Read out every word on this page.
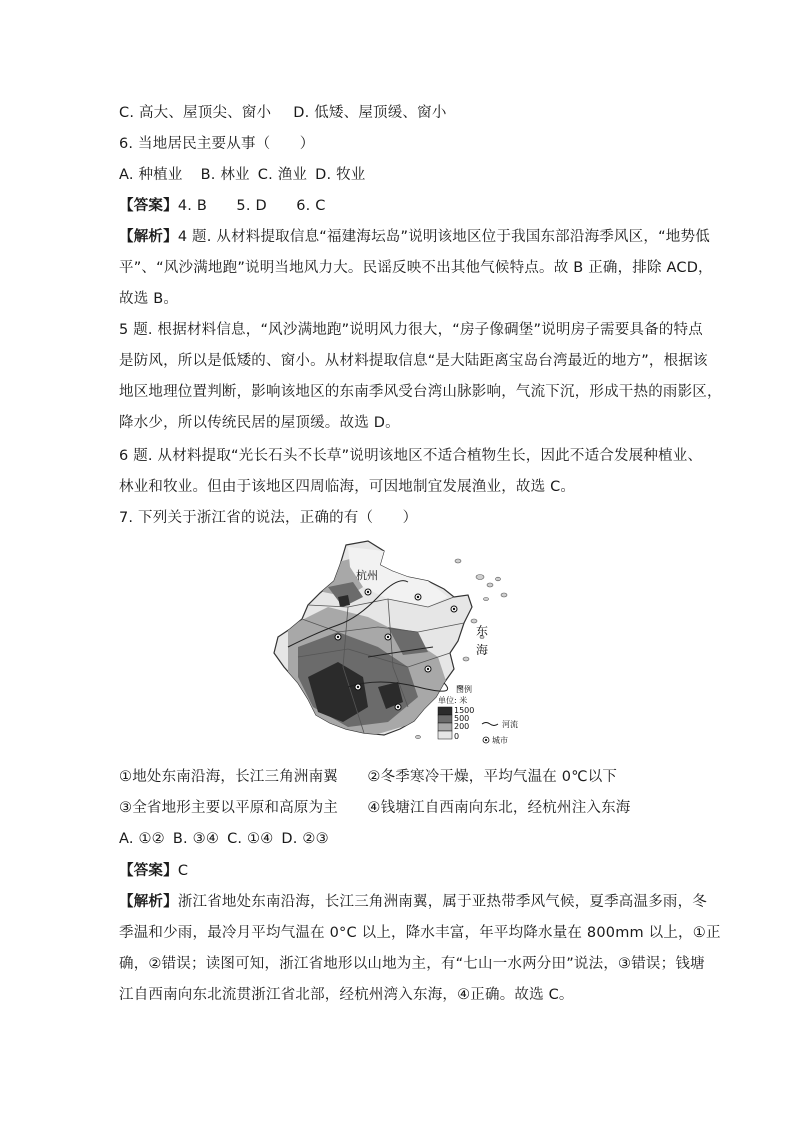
C. 高大、屋顶尖、窗小 D. 低矮、屋顶缓、窗小
6. 当地居民主要从事（　　）
A. 种植业 B. 林业 C. 渔业 D. 牧业
【答案】4. B　　5. D　　6. C
【解析】4 题. 从材料提取信息“福建海坛岛”说明该地区位于我国东部沿海季风区，“地势低
平”、“风沙满地跑”说明当地风力大。民谣反映不出其他气候特点。故 B 正确，排除 ACD，
故选 B。
5 题. 根据材料信息，“风沙满地跑”说明风力很大，“房子像碉堡”说明房子需要具备的特点
是防风，所以是低矮的、窗小。从材料提取信息“是大陆距离宝岛台湾最近的地方”，根据该
地区地理位置判断，影响该地区的东南季风受台湾山脉影响，气流下沉，形成干热的雨影区，
降水少，所以传统民居的屋顶缓。故选 D。
6 题. 从材料提取“光长石头不长草”说明该地区不适合植物生长，因此不适合发展种植业、
林业和牧业。但由于该地区四周临海，可因地制宜发展渔业，故选 C。
7. 下列关于浙江省的说法，正确的有（　　）
杭州
东
海
图例
单位: 米
1500
500
200
0
河流
城市
①地处东南沿海，长江三角洲南翼　　②冬季寒冷干燥，平均气温在 0℃以下
③全省地形主要以平原和高原为主　　④钱塘江自西南向东北，经杭州注入东海
A. ①② B. ③④ C. ①④ D. ②③
【答案】C
【解析】浙江省地处东南沿海，长江三角洲南翼，属于亚热带季风气候，夏季高温多雨，冬
季温和少雨，最冷月平均气温在 0°C 以上，降水丰富，年平均降水量在 800mm 以上，①正
确，②错误；读图可知，浙江省地形以山地为主，有“七山一水两分田”说法，③错误；钱塘
江自西南向东北流贯浙江省北部，经杭州湾入东海，④正确。故选 C。
